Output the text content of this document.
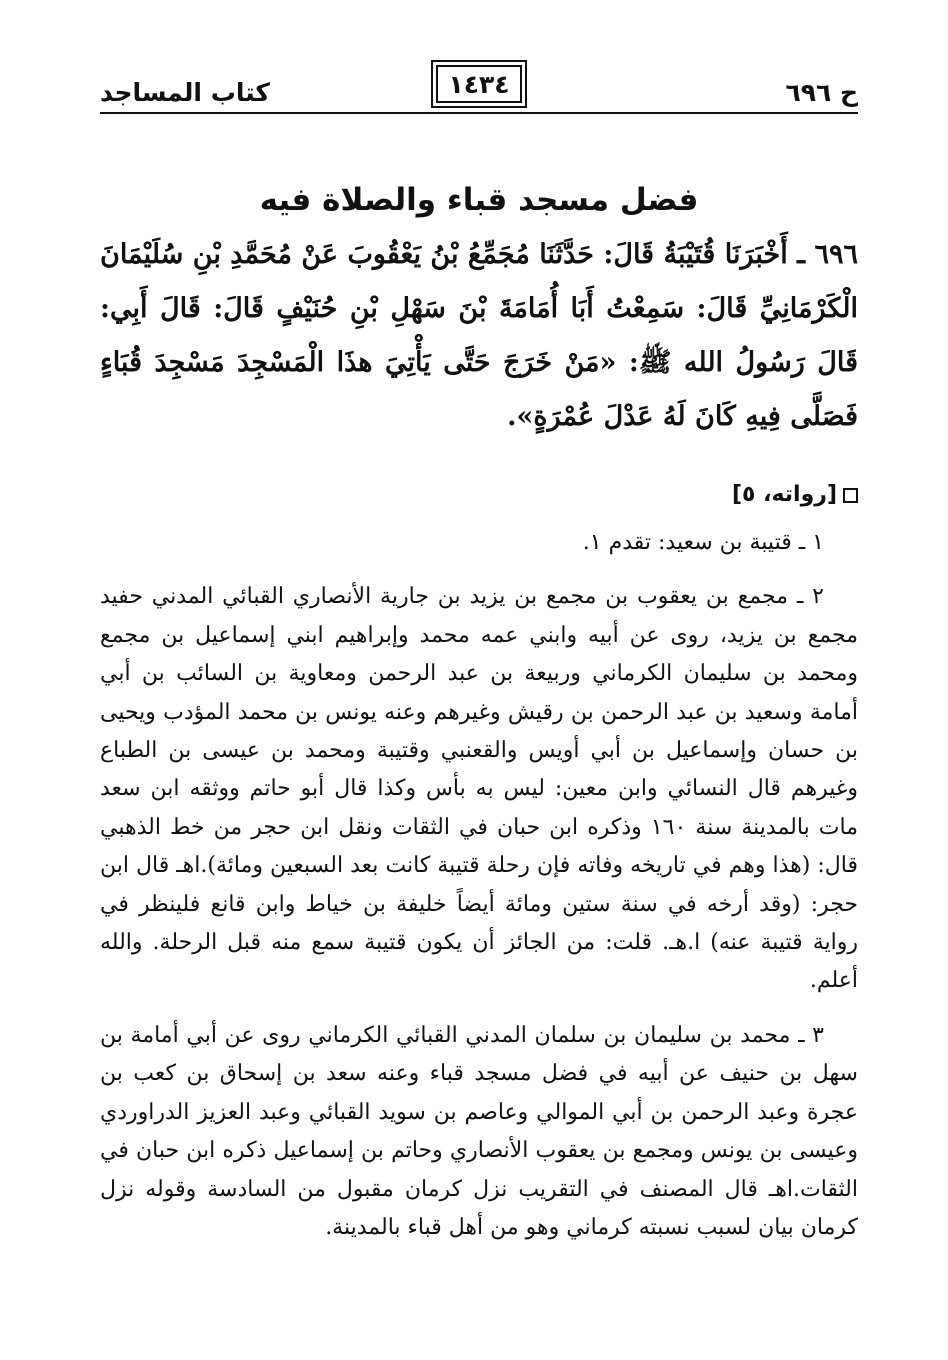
ح ٦٩٦
١٤٣٤
كتاب المساجد
فضل مسجد قباء والصلاة فيه
٦٩٦ ـ أَخْبَرَنَا قُتَيْبَةُ قَالَ: حَدَّثَنَا مُجَمِّعُ بْنُ يَعْقُوبَ عَنْ مُحَمَّدِ بْنِ سُلَيْمَانَ الْكَرْمَانِيِّ قَالَ: سَمِعْتُ أَبَا أُمَامَةَ بْنَ سَهْلِ بْنِ حُنَيْفٍ قَالَ: قَالَ أَبِي: قَالَ رَسُولُ الله ﷺ: «مَنْ خَرَجَ حَتَّى يَأْتِيَ هذَا الْمَسْجِدَ مَسْجِدَ قُبَاءٍ فَصَلَّى فِيهِ كَانَ لَهُ عَدْلَ عُمْرَةٍ».
[رواته، ٥]
١ ـ قتيبة بن سعيد: تقدم ١.
٢ ـ مجمع بن يعقوب بن مجمع بن يزيد بن جارية الأنصاري القبائي المدني حفيد مجمع بن يزيد، روى عن أبيه وابني عمه محمد وإبراهيم ابني إسماعيل بن مجمع ومحمد بن سليمان الكرماني وربيعة بن عبد الرحمن ومعاوية بن السائب بن أبي أمامة وسعيد بن عبد الرحمن بن رقيش وغيرهم وعنه يونس بن محمد المؤدب ويحيى بن حسان وإسماعيل بن أبي أويس والقعنبي وقتيبة ومحمد بن عيسى بن الطباع وغيرهم قال النسائي وابن معين: ليس به بأس وكذا قال أبو حاتم ووثقه ابن سعد مات بالمدينة سنة ١٦٠ وذكره ابن حبان في الثقات ونقل ابن حجر من خط الذهبي قال: (هذا وهم في تاريخه وفاته فإن رحلة قتيبة كانت بعد السبعين ومائة).اهـ قال ابن حجر: (وقد أرخه في سنة ستين ومائة أيضاً خليفة بن خياط وابن قانع فلينظر في رواية قتيبة عنه) ا.هـ. قلت: من الجائز أن يكون قتيبة سمع منه قبل الرحلة. والله أعلم.
٣ ـ محمد بن سليمان بن سلمان المدني القبائي الكرماني روى عن أبي أمامة بن سهل بن حنيف عن أبيه في فضل مسجد قباء وعنه سعد بن إسحاق بن كعب بن عجرة وعبد الرحمن بن أبي الموالي وعاصم بن سويد القبائي وعبد العزيز الدراوردي وعيسى بن يونس ومجمع بن يعقوب الأنصاري وحاتم بن إسماعيل ذكره ابن حبان في الثقات.اهـ قال المصنف في التقريب نزل كرمان مقبول من السادسة وقوله نزل كرمان بيان لسبب نسبته كرماني وهو من أهل قباء بالمدينة.
